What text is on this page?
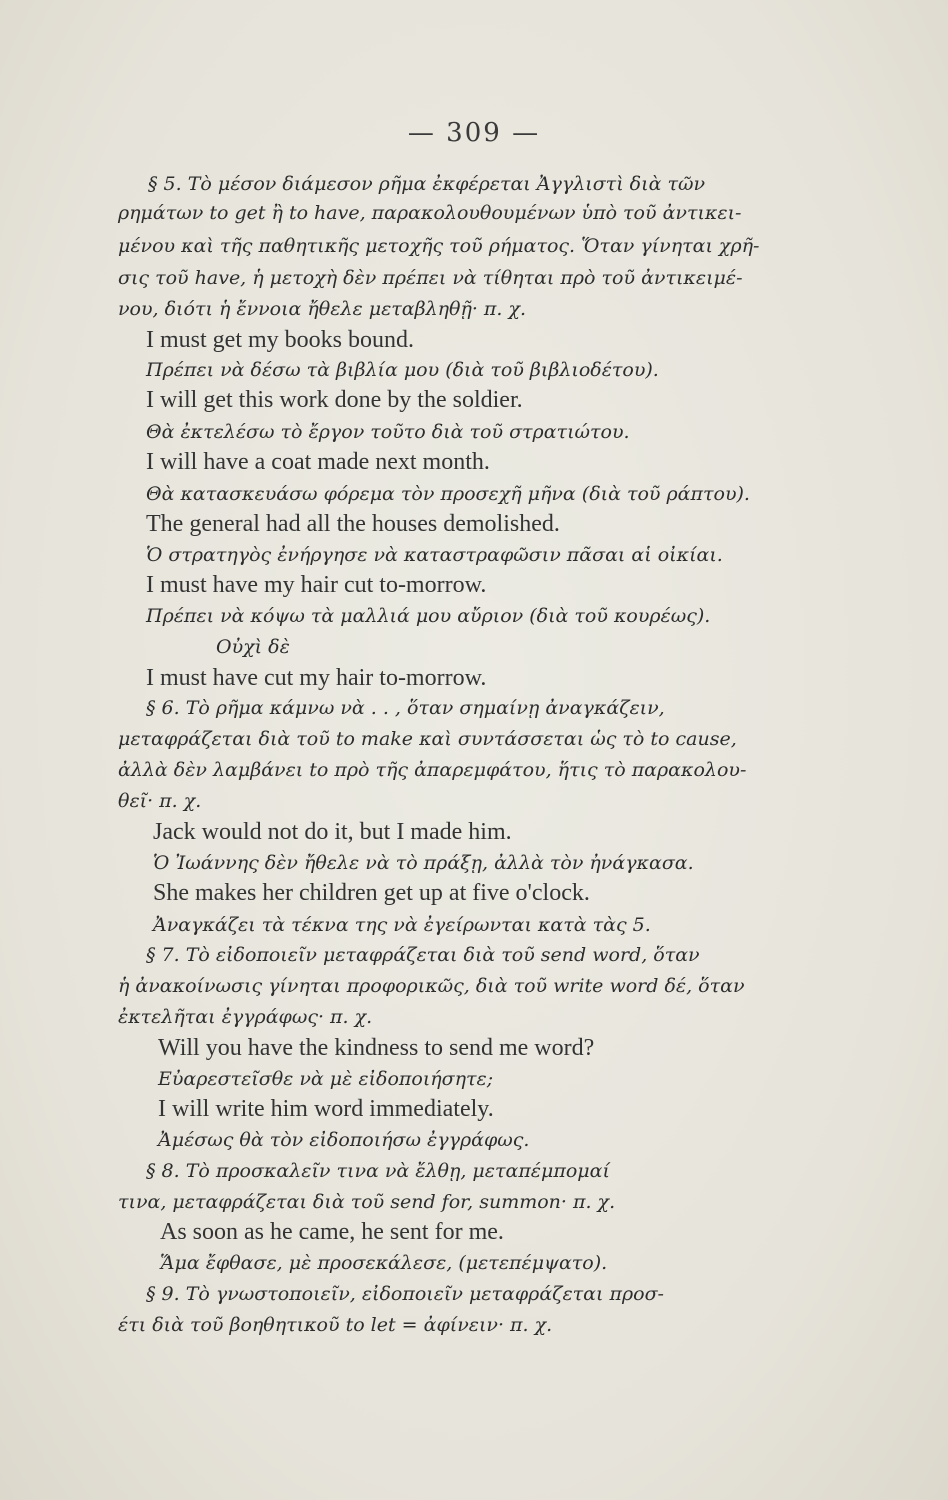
— 309 —
§ 5. Τὸ μέσον διάμεσον ρῆμα ἐκφέρεται Ἀγγλιστὶ διὰ τῶν
ρημάτων to get ἢ to have, παρακολουθουμένων ὑπὸ τοῦ ἀντικει-
μένου καὶ τῆς παθητικῆς μετοχῆς τοῦ ρήματος. Ὅταν γίνηται χρῆ-
σις τοῦ have, ἡ μετοχὴ δὲν πρέπει νὰ τίθηται πρὸ τοῦ ἀντικειμέ-
νου, διότι ἡ ἔννοια ἤθελε μεταβληθῇ· π. χ.
I must get my books bound.
Πρέπει νὰ δέσω τὰ βιβλία μου (διὰ τοῦ βιβλιοδέτου).
I will get this work done by the soldier.
Θὰ ἐκτελέσω τὸ ἔργον τοῦτο διὰ τοῦ στρατιώτου.
I will have a coat made next month.
Θὰ κατασκευάσω φόρεμα τὸν προσεχῆ μῆνα (διὰ τοῦ ράπτου).
The general had all the houses demolished.
Ὁ στρατηγὸς ἐνήργησε νὰ καταστραφῶσιν πᾶσαι αἱ οἰκίαι.
I must have my hair cut to-morrow.
Πρέπει νὰ κόψω τὰ μαλλιά μου αὔριον (διὰ τοῦ κουρέως).
Οὐχὶ δὲ
I must have cut my hair to-morrow.
§ 6. Τὸ ρῆμα κάμνω νὰ . . , ὅταν σημαίνῃ ἀναγκάζειν,
μεταφράζεται διὰ τοῦ to make καὶ συντάσσεται ὡς τὸ to cause,
ἀλλὰ δὲν λαμβάνει to πρὸ τῆς ἀπαρεμφάτου, ἥτις τὸ παρακολου-
θεῖ· π. χ.
Jack would not do it, but I made him.
Ὁ Ἰωάννης δὲν ἤθελε νὰ τὸ πράξῃ, ἀλλὰ τὸν ἠνάγκασα.
She makes her children get up at five o'clock.
Ἀναγκάζει τὰ τέκνα της νὰ ἐγείρωνται κατὰ τὰς 5.
§ 7. Τὸ εἰδοποιεῖν μεταφράζεται διὰ τοῦ send word, ὅταν
ἡ ἀνακοίνωσις γίνηται προφορικῶς, διὰ τοῦ write word δέ, ὅταν
ἐκτελῆται ἐγγράφως· π. χ.
Will you have the kindness to send me word?
Εὐαρεστεῖσθε νὰ μὲ εἰδοποιήσητε;
I will write him word immediately.
Ἀμέσως θὰ τὸν εἰδοποιήσω ἐγγράφως.
§ 8. Τὸ προσκαλεῖν τινα νὰ ἔλθῃ, μεταπέμπομαί
τινα, μεταφράζεται διὰ τοῦ send for, summon· π. χ.
As soon as he came, he sent for me.
Ἅμα ἔφθασε, μὲ προσεκάλεσε, (μετεπέμψατο).
§ 9. Τὸ γνωστοποιεῖν, εἰδοποιεῖν μεταφράζεται προσ-
έτι διὰ τοῦ βοηθητικοῦ to let = ἀφίνειν· π. χ.
